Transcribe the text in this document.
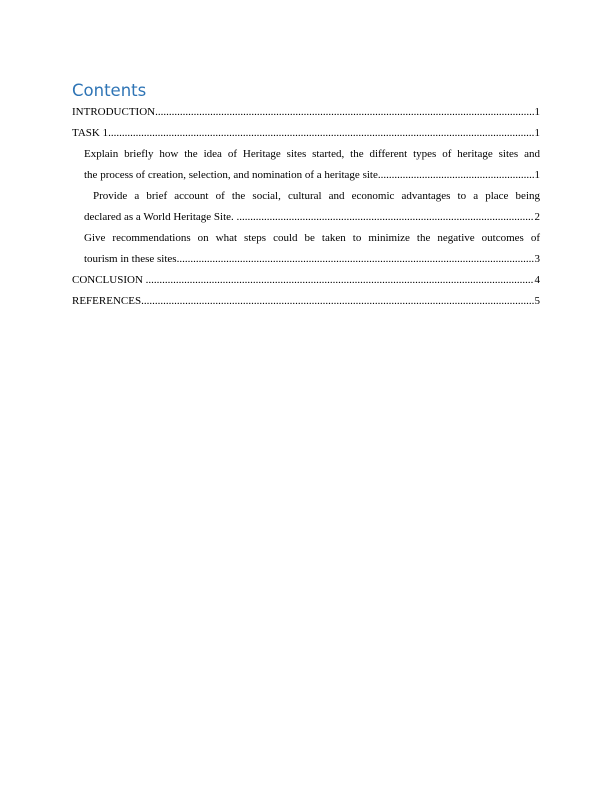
Contents
INTRODUCTION .....	1
TASK 1 .....	1
Explain briefly how the idea of Heritage sites started, the different types of heritage sites and
the process of creation, selection, and nomination of a heritage site .....	1
Provide a brief account of the social, cultural and economic advantages to a place being
declared as a World Heritage Site. .....	2
Give recommendations on what steps could be taken to minimize the negative outcomes of
tourism in these sites .....	3
CONCLUSION  .....	4
REFERENCES .....	5
